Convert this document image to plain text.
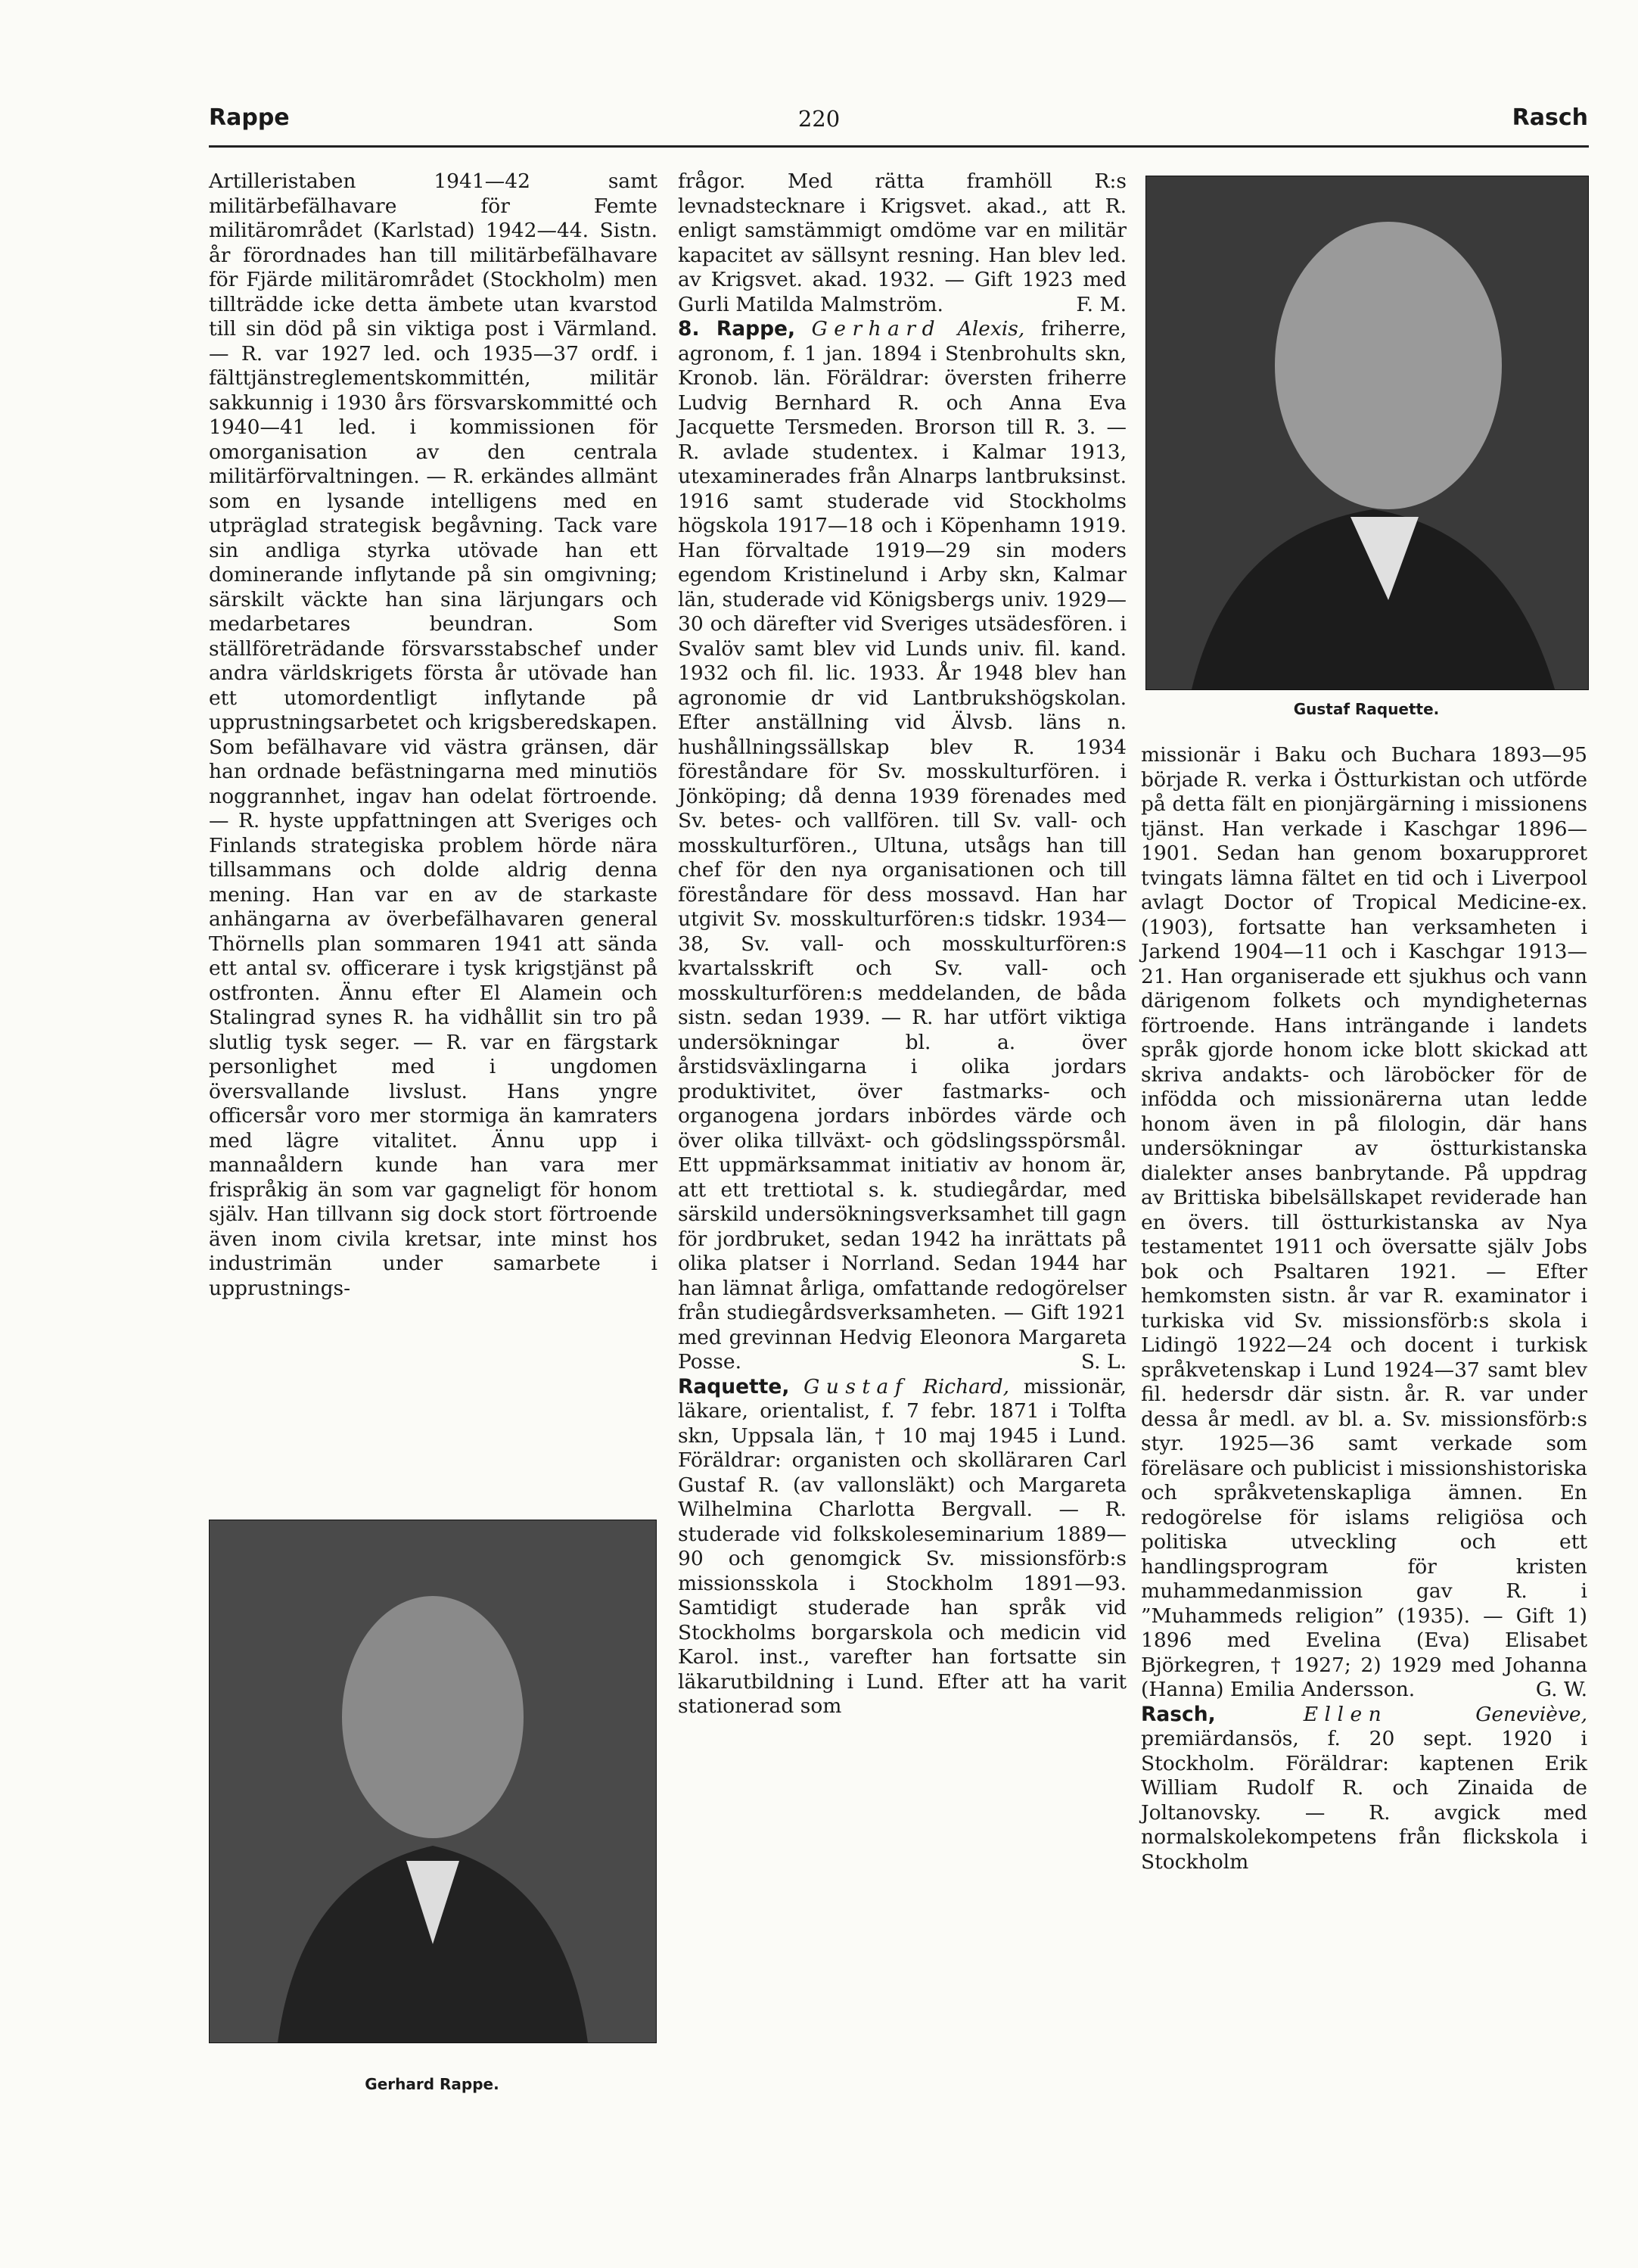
Rappe	220	Rasch

Artilleristaben 1941—42 samt militärbefälhavare för Femte militärområdet (Karlstad) 1942—44. Sistn. år förordnades han till militärbefälhavare för Fjärde militärområdet (Stockholm) men tillträdde icke detta ämbete utan kvarstod till sin död på sin viktiga post i Värmland. — R. var 1927 led. och 1935—37 ordf. i fälttjänstreglementskommittén, militär sakkunnig i 1930 års försvarskommitté och 1940—41 led. i kommissionen för omorganisation av den centrala militärförvaltningen. — R. erkändes allmänt som en lysande intelligens med en utpräglad strategisk begåvning. Tack vare sin andliga styrka utövade han ett dominerande inflytande på sin omgivning; särskilt väckte han sina lärjungars och medarbetares beundran. Som ställföreträdande försvarsstabschef under andra världskrigets första år utövade han ett utomordentligt inflytande på upprustningsarbetet och krigsberedskapen. Som befälhavare vid västra gränsen, där han ordnade befästningarna med minutiös noggrannhet, ingav han odelat förtroende. — R. hyste uppfattningen att Sveriges och Finlands strategiska problem hörde nära tillsammans och dolde aldrig denna mening. Han var en av de starkaste anhängarna av överbefälhavaren general Thörnells plan sommaren 1941 att sända ett antal sv. officerare i tysk krigstjänst på ostfronten. Ännu efter El Alamein och Stalingrad synes R. ha vidhållit sin tro på slutlig tysk seger. — R. var en färgstark personlighet med i ungdomen översvallande livslust. Hans yngre officersår voro mer stormiga än kamraters med lägre vitalitet. Ännu upp i mannaåldern kunde han vara mer frispråkig än som var gagneligt för honom själv. Han tillvann sig dock stort förtroende även inom civila kretsar, inte minst hos industrimän under samarbete i upprustnings-

Gerhard Rappe.

frågor. Med rätta framhöll R:s levnadstecknare i Krigsvet. akad., att R. enligt samstämmigt omdöme var en militär kapacitet av sällsynt resning. Han blev led. av Krigsvet. akad. 1932. — Gift 1923 med Gurli Matilda Malmström.	F. M.

8. Rappe, Gerhard Alexis, friherre, agronom, f. 1 jan. 1894 i Stenbrohults skn, Kronob. län. Föräldrar: översten friherre Ludvig Bernhard R. och Anna Eva Jacquette Tersmeden. Brorson till R. 3. — R. avlade studentex. i Kalmar 1913, utexaminerades från Alnarps lantbruksinst. 1916 samt studerade vid Stockholms högskola 1917—18 och i Köpenhamn 1919. Han förvaltade 1919—29 sin moders egendom Kristinelund i Arby skn, Kalmar län, studerade vid Königsbergs univ. 1929—30 och därefter vid Sveriges utsädesfören. i Svalöv samt blev vid Lunds univ. fil. kand. 1932 och fil. lic. 1933. År 1948 blev han agronomie dr vid Lantbrukshögskolan. Efter anställning vid Älvsb. läns n. hushållningssällskap blev R. 1934 föreståndare för Sv. mosskulturfören. i Jönköping; då denna 1939 förenades med Sv. betes- och vallfören. till Sv. vall- och mosskulturfören., Ultuna, utsågs han till chef för den nya organisationen och till föreståndare för dess mossavd. Han har utgivit Sv. mosskulturfören:s tidskr. 1934—38, Sv. vall- och mosskulturfören:s kvartalsskrift och Sv. vall- och mosskulturfören:s meddelanden, de båda sistn. sedan 1939. — R. har utfört viktiga undersökningar bl. a. över årstidsväxlingarna i olika jordars produktivitet, över fastmarks- och organogena jordars inbördes värde och över olika tillväxt- och gödslingsspörsmål. Ett uppmärksammat initiativ av honom är, att ett trettiotal s. k. studiegårdar, med särskild undersökningsverksamhet till gagn för jordbruket, sedan 1942 ha inrättats på olika platser i Norrland. Sedan 1944 har han lämnat årliga, omfattande redogörelser från studiegårdsverksamheten. — Gift 1921 med grevinnan Hedvig Eleonora Margareta Posse.	S. L.

Raquette, Gustaf Richard, missionär, läkare, orientalist, f. 7 febr. 1871 i Tolfta skn, Uppsala län, † 10 maj 1945 i Lund. Föräldrar: organisten och skolläraren Carl Gustaf R. (av vallonsläkt) och Margareta Wilhelmina Charlotta Bergvall. — R. studerade vid folkskoleseminarium 1889—90 och genomgick Sv. missionsförb:s missionsskola i Stockholm 1891—93. Samtidigt studerade han språk vid Stockholms borgarskola och medicin vid Karol. inst., varefter han fortsatte sin läkarutbildning i Lund. Efter att ha varit stationerad som

Gustaf Raquette.

missionär i Baku och Buchara 1893—95 började R. verka i Östturkistan och utförde på detta fält en pionjärgärning i missionens tjänst. Han verkade i Kaschgar 1896—1901. Sedan han genom boxarupproret tvingats lämna fältet en tid och i Liverpool avlagt Doctor of Tropical Medicine-ex. (1903), fortsatte han verksamheten i Jarkend 1904—11 och i Kaschgar 1913—21. Han organiserade ett sjukhus och vann därigenom folkets och myndigheternas förtroende. Hans inträngande i landets språk gjorde honom icke blott skickad att skriva andakts- och läroböcker för de infödda och missionärerna utan ledde honom även in på filologin, där hans undersökningar av östturkistanska dialekter anses banbrytande. På uppdrag av Brittiska bibelsällskapet reviderade han en övers. till östturkistanska av Nya testamentet 1911 och översatte själv Jobs bok och Psaltaren 1921. — Efter hemkomsten sistn. år var R. examinator i turkiska vid Sv. missionsförb:s skola i Lidingö 1922—24 och docent i turkisk språkvetenskap i Lund 1924—37 samt blev fil. hedersdr där sistn. år. R. var under dessa år medl. av bl. a. Sv. missionsförb:s styr. 1925—36 samt verkade som föreläsare och publicist i missionshistoriska och språkvetenskapliga ämnen. En redogörelse för islams religiösa och politiska utveckling och ett handlingsprogram för kristen muhammedanmission gav R. i ”Muhammeds religion” (1935). — Gift 1) 1896 med Evelina (Eva) Elisabet Björkegren, † 1927; 2) 1929 med Johanna (Hanna) Emilia Andersson.	G. W.

Rasch,	Ellen	Geneviève, premiärdansös, f. 20 sept. 1920 i Stockholm. Föräldrar: kaptenen Erik William Rudolf R. och Zinaida de Joltanovsky. — R. avgick med normalskolekompetens från flickskola i Stockholm
